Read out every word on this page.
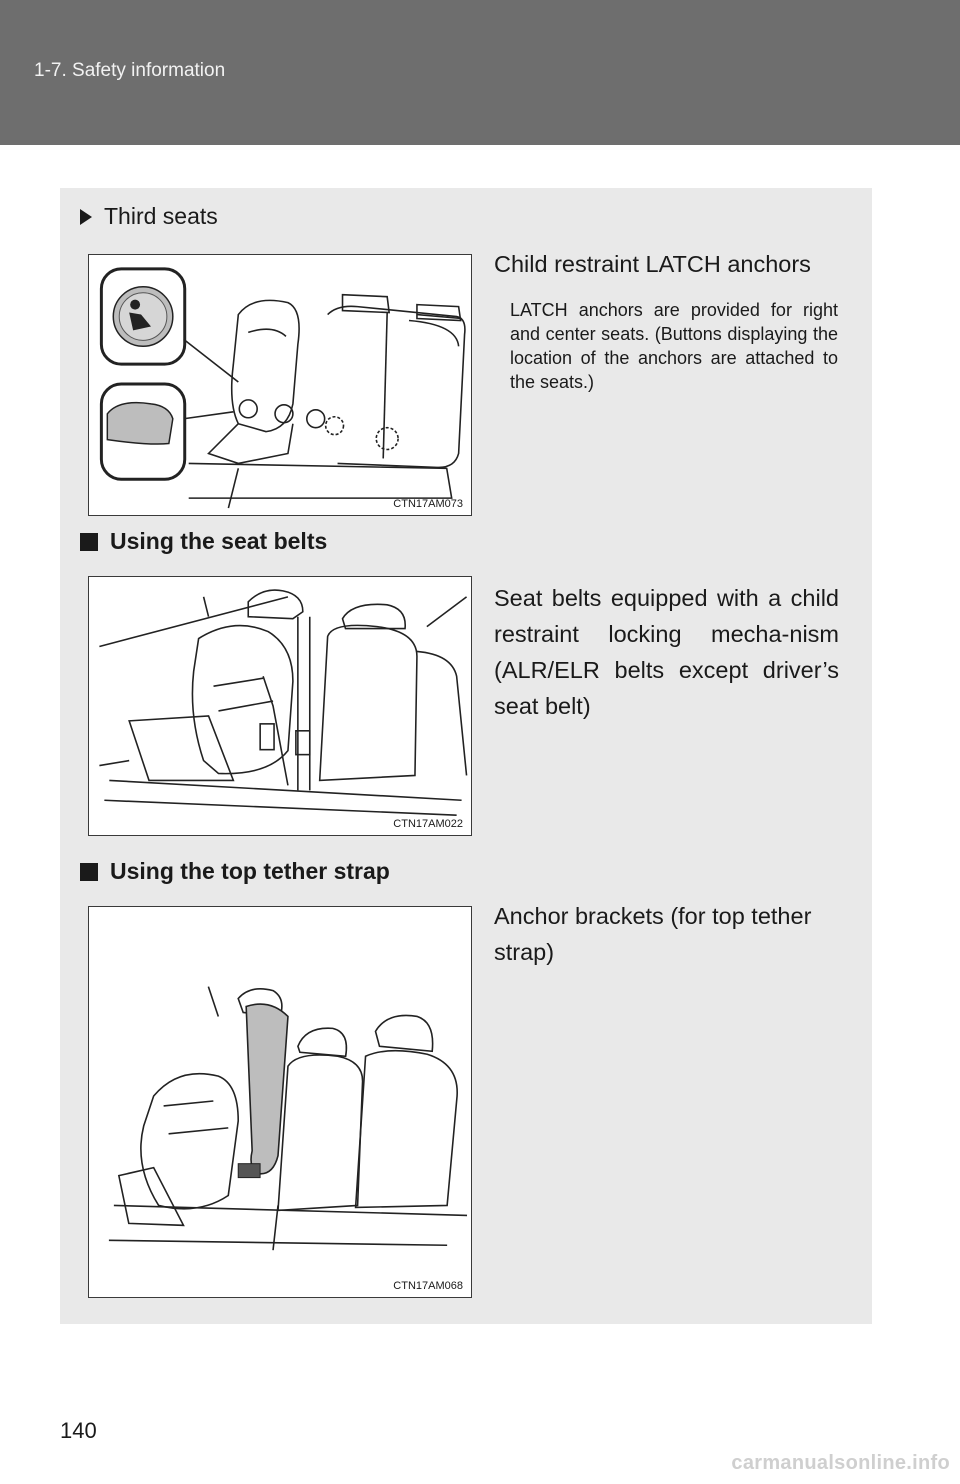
1-7. Safety information
Third seats
CTN17AM073
Child restraint LATCH anchors
LATCH anchors are provided for right and center seats. (Buttons displaying the location of the anchors are attached to the seats.)
Using the seat belts
CTN17AM022
Seat belts equipped with a child restraint locking mecha-nism (ALR/ELR belts except driver’s seat belt)
Using the top tether strap
CTN17AM068
Anchor brackets (for top tether strap)
140
carmanualsonline.info
